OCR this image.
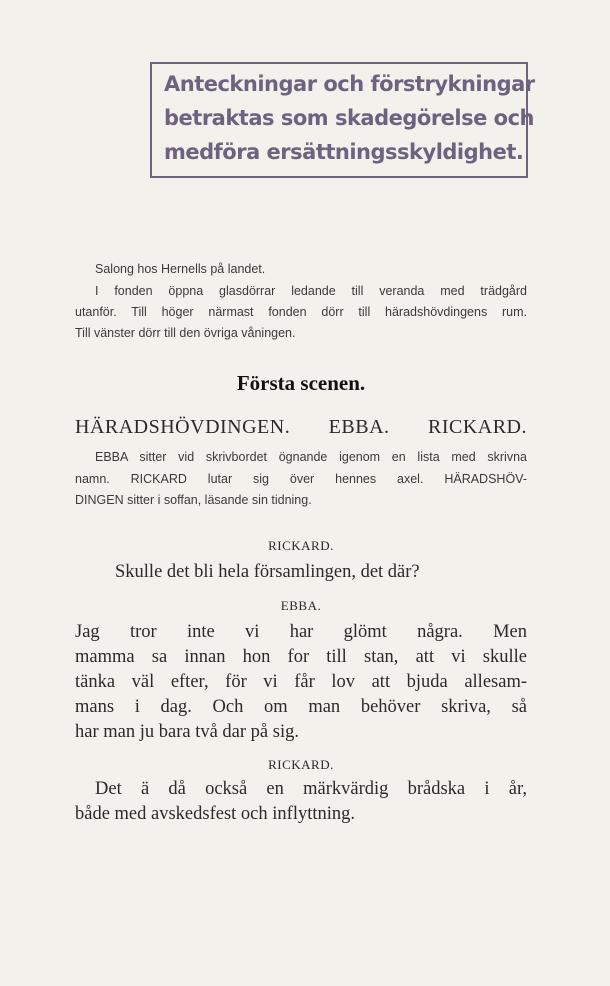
Anteckningar och förstrykningar
betraktas som skadegörelse och
medföra ersättningsskyldighet.
Salong hos Hernells på landet.
I fonden öppna glasdörrar ledande till veranda med trädgård
utanför. Till höger närmast fonden dörr till häradshövdingens rum.
Till vänster dörr till den övriga våningen.
Första scenen.
HÄRADSHÖVDINGEN. EBBA. RICKARD.
EBBA sitter vid skrivbordet ögnande igenom en lista med skrivna
namn. RICKARD lutar sig över hennes axel. HÄRADSHÖV-
DINGEN sitter i soffan, läsande sin tidning.
RICKARD.
Skulle det bli hela församlingen, det där?
EBBA.
Jag tror inte vi har glömt några. Men
mamma sa innan hon for till stan, att vi skulle
tänka väl efter, för vi får lov att bjuda allesam-
mans i dag. Och om man behöver skriva, så
har man ju bara två dar på sig.
RICKARD.
Det ä då också en märkvärdig brådska i år,
både med avskedsfest och inflyttning.
